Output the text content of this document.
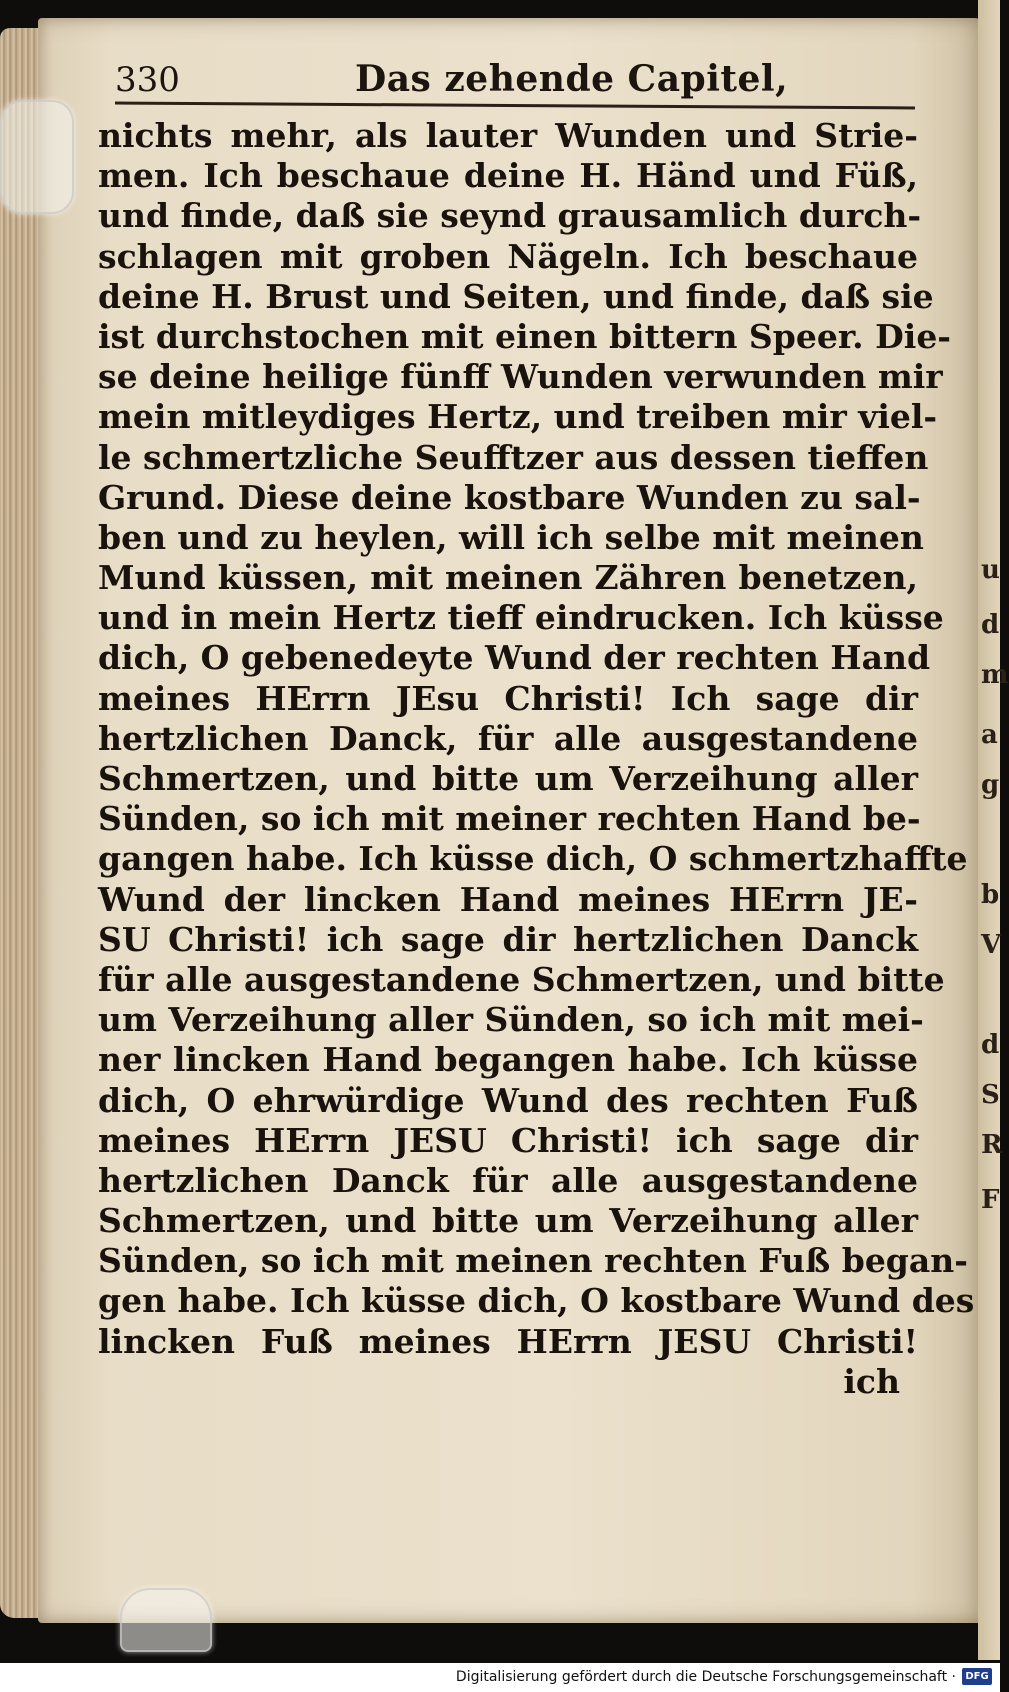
u
d
m
a
g
b
V
d
S
R
F
330	Das zehende Capitel,
nichts mehr, als lauter Wunden und Strie-
men. Ich beschaue deine H. Händ und Füß,
und finde, daß sie seynd grausamlich durch-
schlagen mit groben Nägeln. Ich beschaue
deine H. Brust und Seiten, und finde, daß sie
ist durchstochen mit einen bittern Speer. Die-
se deine heilige fünff Wunden verwunden mir
mein mitleydiges Hertz, und treiben mir viel-
le schmertzliche Seufftzer aus dessen tieffen
Grund. Diese deine kostbare Wunden zu sal-
ben und zu heylen, will ich selbe mit meinen
Mund küssen, mit meinen Zähren benetzen,
und in mein Hertz tieff eindrucken. Ich küsse
dich, O gebenedeyte Wund der rechten Hand
meines HErrn JEsu Christi! Ich sage dir
hertzlichen Danck, für alle ausgestandene
Schmertzen, und bitte um Verzeihung aller
Sünden, so ich mit meiner rechten Hand be-
gangen habe. Ich küsse dich, O schmertzhaffte
Wund der lincken Hand meines HErrn JE-
SU Christi! ich sage dir hertzlichen Danck
für alle ausgestandene Schmertzen, und bitte
um Verzeihung aller Sünden, so ich mit mei-
ner lincken Hand begangen habe. Ich küsse
dich, O ehrwürdige Wund des rechten Fuß
meines HErrn JESU Christi! ich sage dir
hertzlichen Danck für alle ausgestandene
Schmertzen, und bitte um Verzeihung aller
Sünden, so ich mit meinen rechten Fuß began-
gen habe. Ich küsse dich, O kostbare Wund des
lincken Fuß meines HErrn JESU Christi!
ich
Digitalisierung gefördert durch die Deutsche Forschungsgemeinschaft · DFG
